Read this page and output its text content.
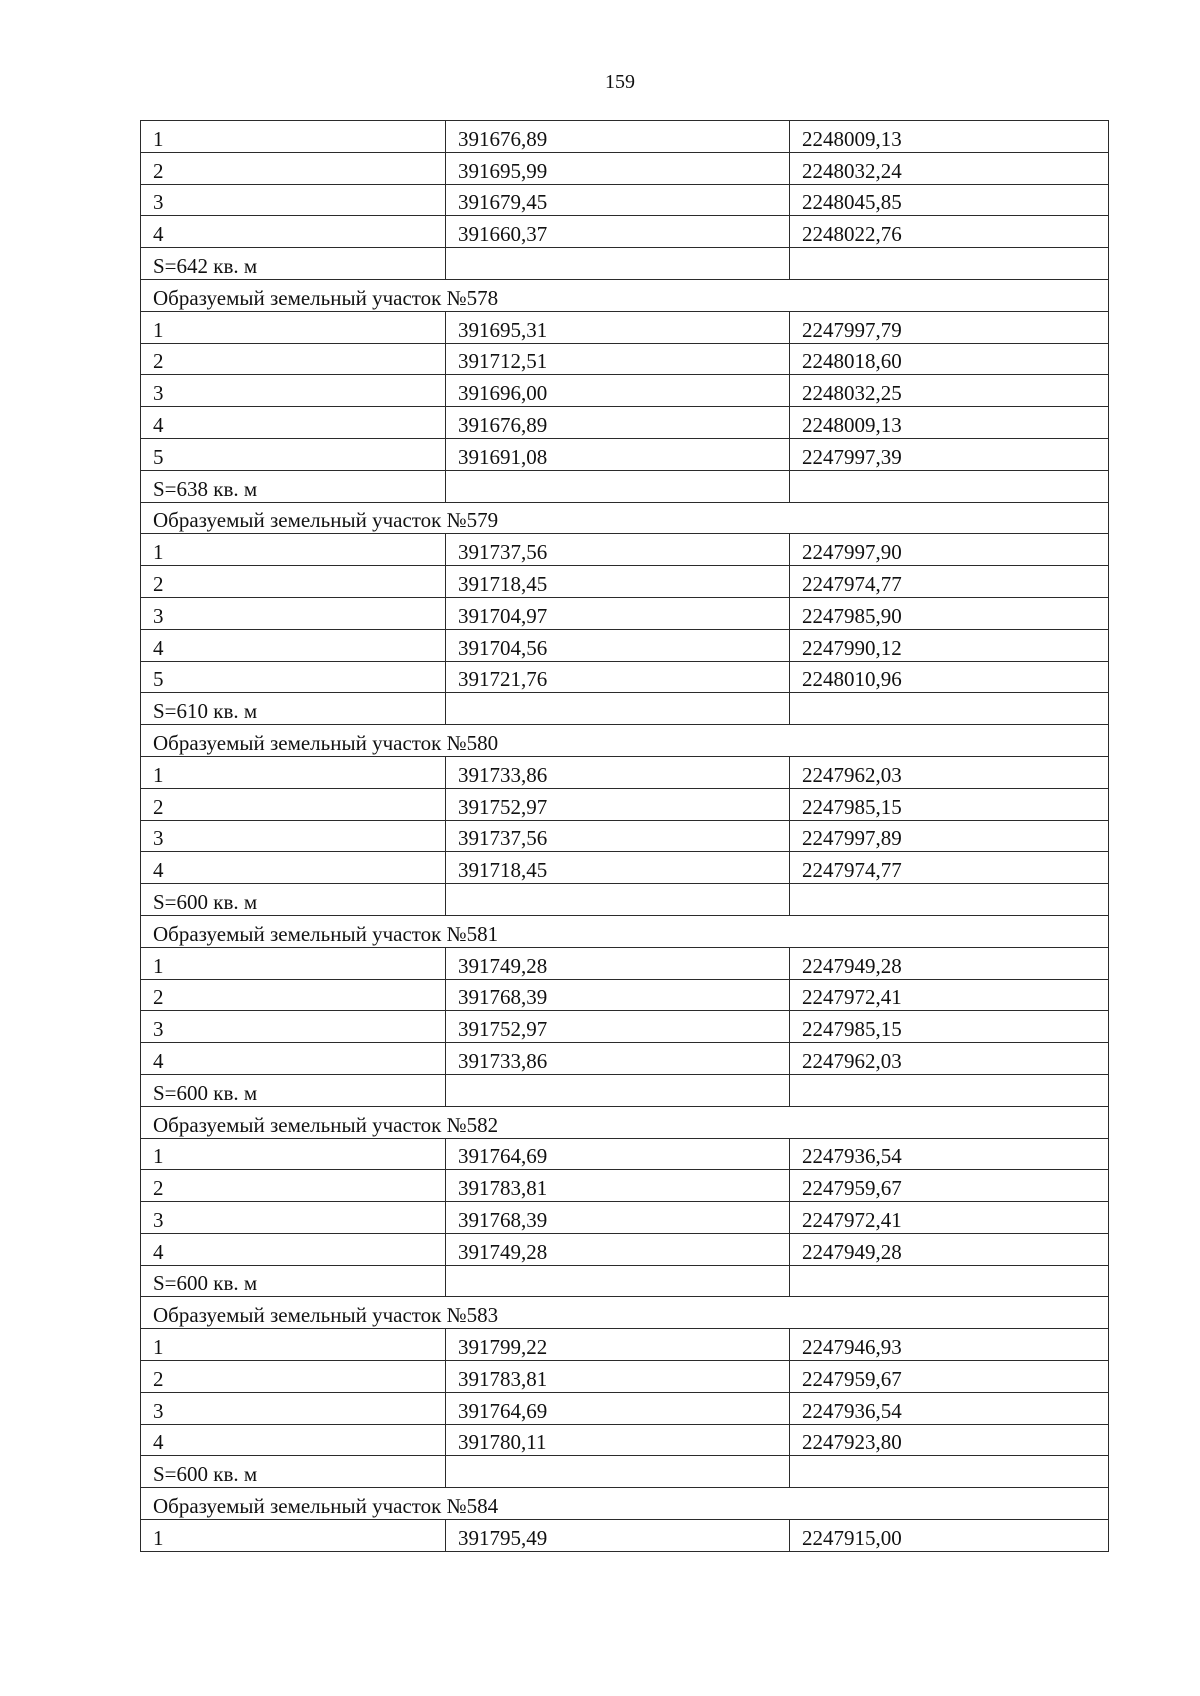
159
1	391676,89	2248009,13
2	391695,99	2248032,24
3	391679,45	2248045,85
4	391660,37	2248022,76
S=642 кв. м		
Образуемый земельный участок №578		
1	391695,31	2247997,79
2	391712,51	2248018,60
3	391696,00	2248032,25
4	391676,89	2248009,13
5	391691,08	2247997,39
S=638 кв. м		
Образуемый земельный участок №579		
1	391737,56	2247997,90
2	391718,45	2247974,77
3	391704,97	2247985,90
4	391704,56	2247990,12
5	391721,76	2248010,96
S=610 кв. м		
Образуемый земельный участок №580		
1	391733,86	2247962,03
2	391752,97	2247985,15
3	391737,56	2247997,89
4	391718,45	2247974,77
S=600 кв. м		
Образуемый земельный участок №581		
1	391749,28	2247949,28
2	391768,39	2247972,41
3	391752,97	2247985,15
4	391733,86	2247962,03
S=600 кв. м		
Образуемый земельный участок №582		
1	391764,69	2247936,54
2	391783,81	2247959,67
3	391768,39	2247972,41
4	391749,28	2247949,28
S=600 кв. м		
Образуемый земельный участок №583		
1	391799,22	2247946,93
2	391783,81	2247959,67
3	391764,69	2247936,54
4	391780,11	2247923,80
S=600 кв. м		
Образуемый земельный участок №584		
1	391795,49	2247915,00
